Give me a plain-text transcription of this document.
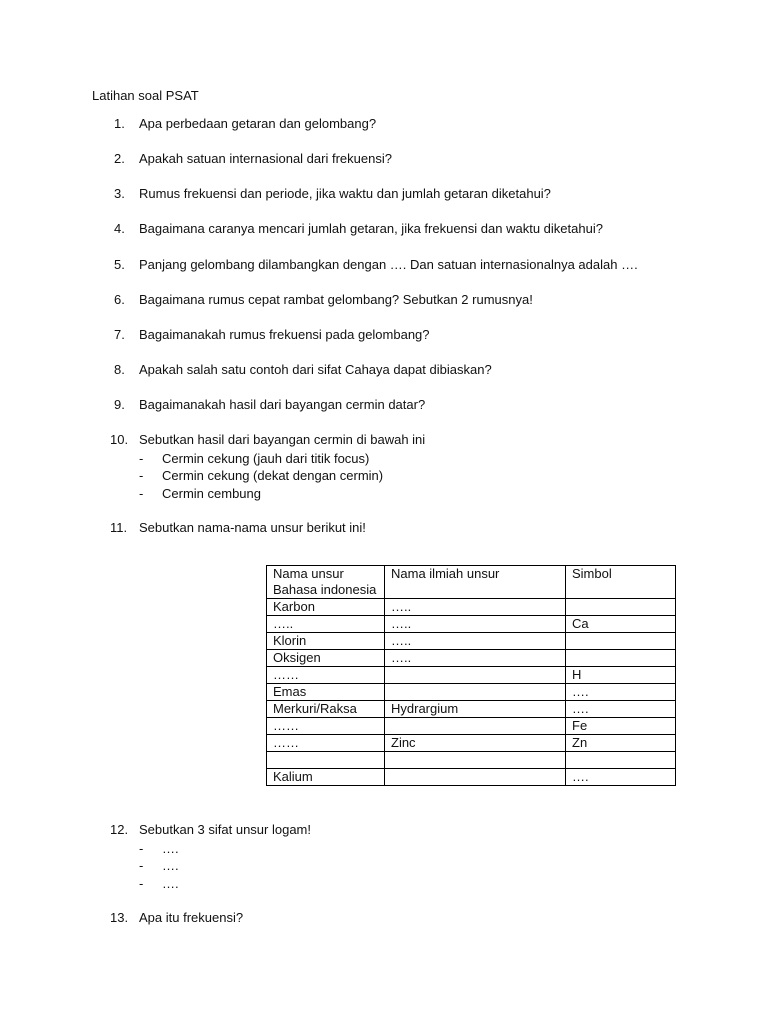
Latihan soal PSAT
1. Apa perbedaan getaran dan gelombang?
2. Apakah satuan internasional dari frekuensi?
3. Rumus frekuensi dan periode, jika waktu dan jumlah getaran diketahui?
4. Bagaimana caranya mencari jumlah getaran, jika frekuensi dan waktu diketahui?
5. Panjang gelombang dilambangkan dengan …. Dan satuan internasionalnya adalah ….
6. Bagaimana rumus cepat rambat gelombang? Sebutkan 2 rumusnya!
7. Bagaimanakah rumus frekuensi pada gelombang?
8. Apakah salah satu contoh dari sifat Cahaya dapat dibiaskan?
9. Bagaimanakah hasil dari bayangan cermin datar?
10. Sebutkan hasil dari bayangan cermin di bawah ini
- Cermin cekung (jauh dari titik focus)
- Cermin cekung (dekat dengan cermin)
- Cermin cembung
11. Sebutkan nama-nama unsur berikut ini!
Nama unsur
Bahasa indonesia	Nama ilmiah unsur	Simbol
Karbon	…..	
…..	…..	Ca
Klorin	…..	
Oksigen	…..	
……		H
Emas		….
Merkuri/Raksa	Hydrargium	….
……		Fe
……	Zinc	Zn

Kalium		….
12. Sebutkan 3 sifat unsur logam!
- ….
- ….
- ….
13. Apa itu frekuensi?
